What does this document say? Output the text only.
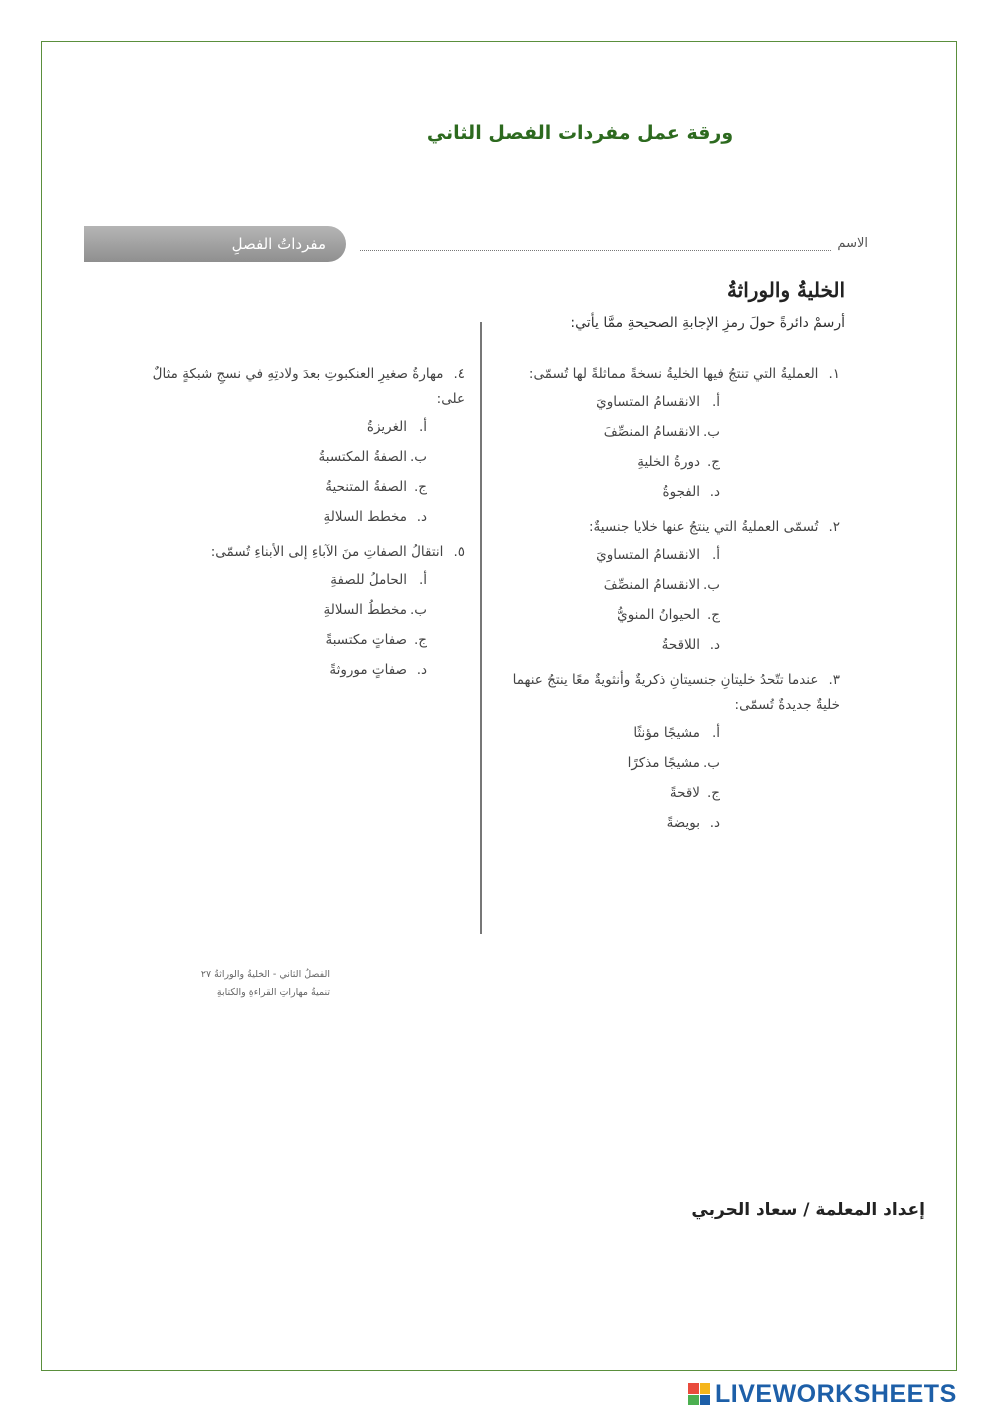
ورقة عمل مفردات الفصل الثاني
مفرداتُ الفصلِ	الاسم
الخليةُ والوراثةُ
أرسمْ دائرةً حولَ رمزِ الإجابةِ الصحيحةِ ممَّا يأتي:
١.العمليةُ التي تنتجُ فيها الخليةُ نسخةً مماثلةً لها تُسمّى:
أ.الانقسامُ المتساويَ
ب.الانقسامُ المنصِّفَ
ج.دورةُ الخليةِ
د.الفجوةُ
٢.تُسمّى العمليةُ التي ينتجُ عنها خلايا جنسيةٌ:
أ.الانقسامُ المتساويَ
ب.الانقسامُ المنصِّفَ
ج.الحيوانُ المنويُّ
د.اللاقحةُ
٣.عندما تتّحدُ خليتانِ جنسيتانِ ذكريةٌ وأنثويةٌ معًا ينتجُ عنهما خليةٌ جديدةٌ تُسمّى:
أ.مشيجًا مؤنثًا
ب.مشيجًا مذكرًا
ج.لاقحةً
د.بويضةً
٤.مهارةُ صغيرِ العنكبوتِ بعدَ ولادتِهِ في نسجِ شبكةٍ مثالٌ على:
أ.الغريزةُ
ب.الصفةُ المكتسبةُ
ج.الصفةُ المتنحيةُ
د.مخطط السلالةِ
٥.انتقالُ الصفاتِ منَ الآباءِ إلى الأبناءِ تُسمّى:
أ.الحاملُ للصفةِ
ب.مخططُ السلالةِ
ج.صفاتٍ مكتسبةً
د.صفاتٍ موروثةً
الفصلُ الثاني - الخليةُ والوراثةُ ٢٧
تنميةُ مهاراتِ القراءةِ والكتابةِ
إعداد المعلمة / سعاد الحربي
LIVEWORKSHEETS
